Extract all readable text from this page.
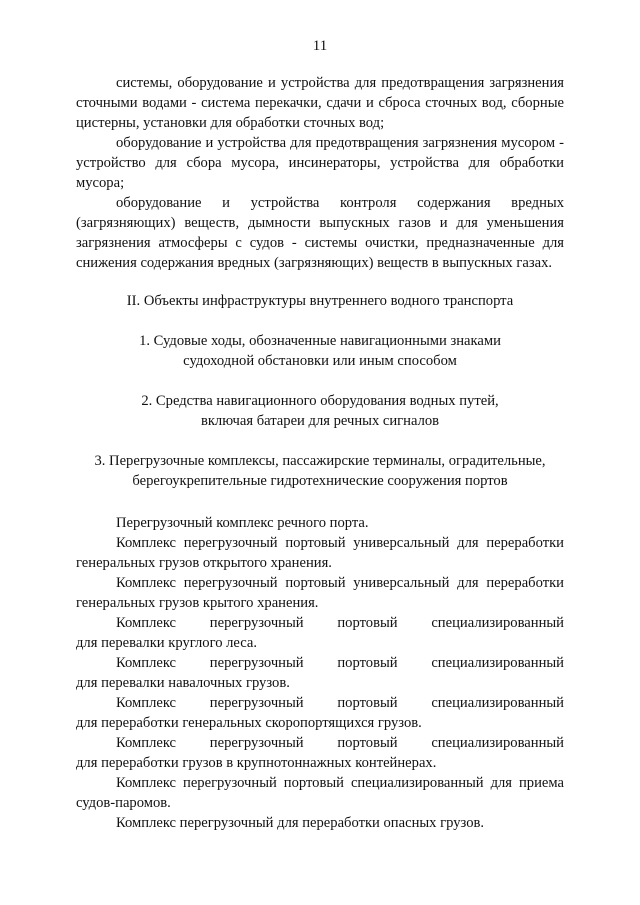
11

системы, оборудование и устройства для предотвращения загрязнения сточными водами - система перекачки, сдачи и сброса сточных вод, сборные цистерны, установки для обработки сточных вод;

оборудование и устройства для предотвращения загрязнения мусором - устройство для сбора мусора, инсинераторы, устройства для обработки мусора;

оборудование и устройства контроля содержания вредных (загрязняющих) веществ, дымности выпускных газов и для уменьшения загрязнения атмосферы с судов - системы очистки, предназначенные для снижения содержания вредных (загрязняющих) веществ в выпускных газах.

II. Объекты инфраструктуры внутреннего водного транспорта
1. Судовые ходы, обозначенные навигационными знаками
судоходной обстановки или иным способом
2. Средства навигационного оборудования водных путей,
включая батареи для речных сигналов
3. Перегрузочные комплексы, пассажирские терминалы, оградительные,
берегоукрепительные гидротехнические сооружения портов

Перегрузочный комплекс речного порта.

Комплекс перегрузочный портовый универсальный для переработки
генеральных грузов открытого хранения.

Комплекс перегрузочный портовый универсальный для переработки
генеральных грузов крытого хранения.

Комплекс перегрузочный портовый специализированный
для перевалки круглого леса.

Комплекс перегрузочный портовый специализированный
для перевалки навалочных грузов.

Комплекс перегрузочный портовый специализированный
для переработки генеральных скоропортящихся грузов.

Комплекс перегрузочный портовый специализированный
для переработки грузов в крупнотоннажных контейнерах.

Комплекс перегрузочный портовый специализированный для приема
судов-паромов.

Комплекс перегрузочный для переработки опасных грузов.
